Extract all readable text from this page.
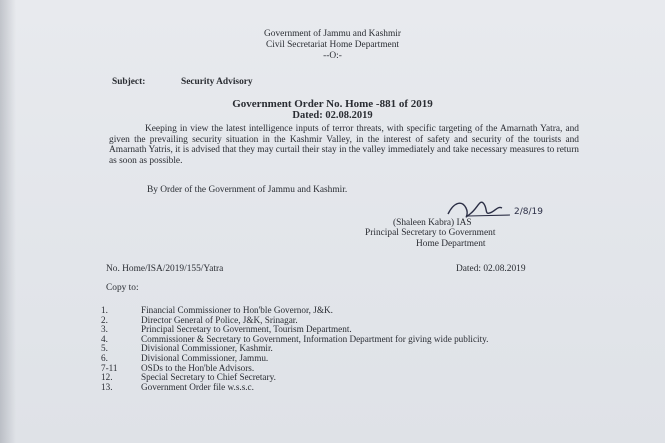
Government of Jammu and Kashmir
Civil Secretariat Home Department
--O:-
Subject:	Security Advisory
Government Order No. Home -881 of 2019
Dated: 02.08.2019
Keeping in view the latest intelligence inputs of terror threats, with specific targeting of the Amarnath Yatra, and given the prevailing security situation in the Kashmir Valley, in the interest of safety and security of the tourists and Amarnath Yatris, it is advised that they may curtail their stay in the valley immediately and take necessary measures to return as soon as possible.
By Order of the Government of Jammu and Kashmir.
2/8/19
(Shaleen Kabra) IAS
Principal Secretary to Government
Home Department
No. Home/ISA/2019/155/Yatra	Dated: 02.08.2019
Copy to:
1.	Financial Commissioner to Hon'ble Governor, J&K.
2.	Director General of Police, J&K, Srinagar.
3.	Principal Secretary to Government, Tourism Department.
4.	Commissioner & Secretary to Government, Information Department for giving wide publicity.
5.	Divisional Commissioner, Kashmir.
6.	Divisional Commissioner, Jammu.
7-11	OSDs to the Hon'ble Advisors.
12.	Special Secretary to Chief Secretary.
13.	Government Order file w.s.s.c.
